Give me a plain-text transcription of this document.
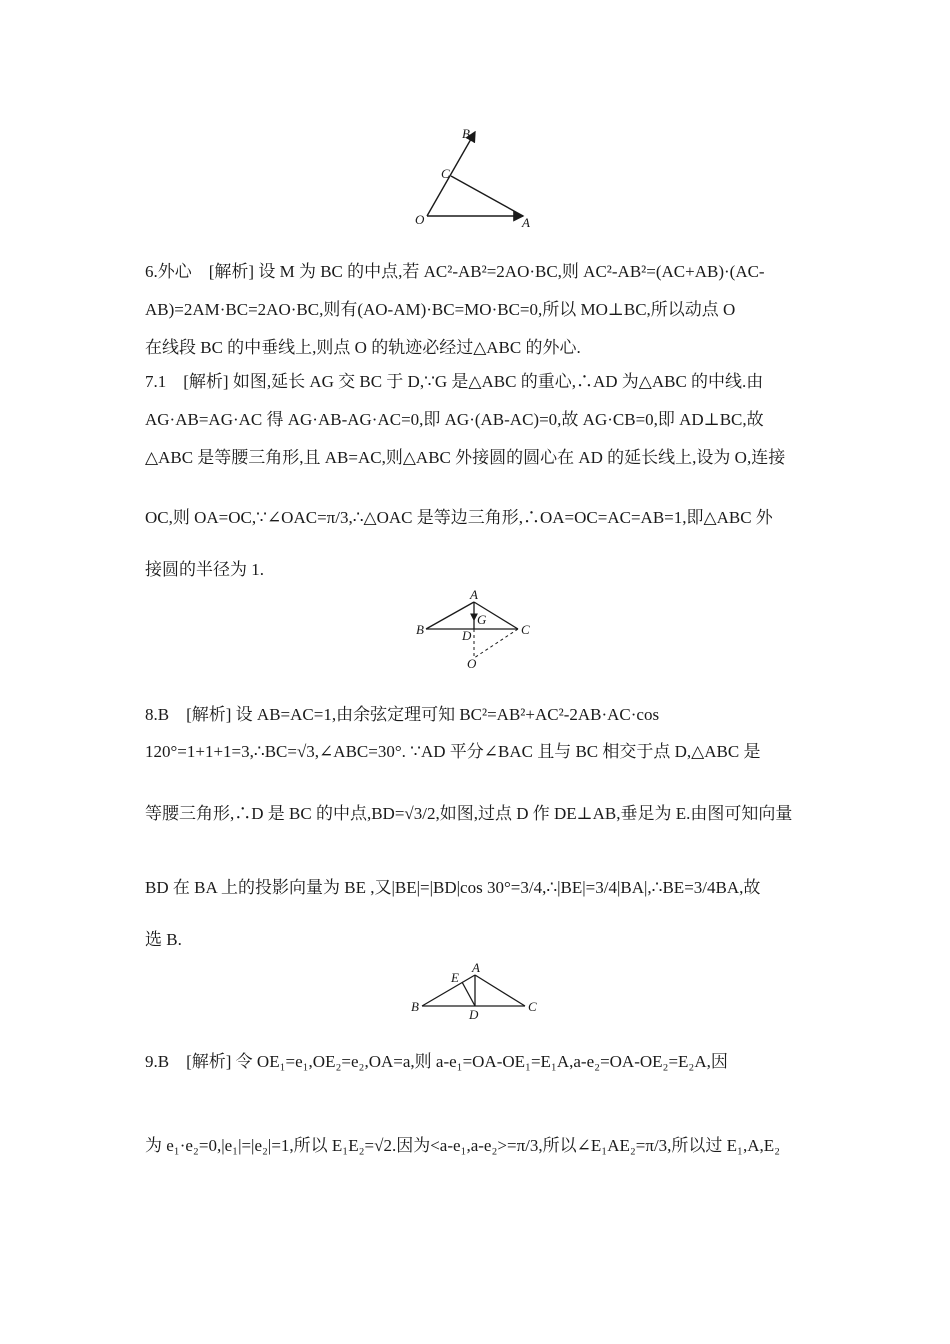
B
C
O	A
6.外心　[解析] 设 M 为 BC 的中点,若 AC²-AB²=2AO·BC,则 AC²-AB²=(AC+AB)·(AC-
AB)=2AM·BC=2AO·BC,则有(AO-AM)·BC=MO·BC=0,所以 MO⊥BC,所以动点 O
在线段 BC 的中垂线上,则点 O 的轨迹必经过△ABC 的外心.
7.1　[解析] 如图,延长 AG 交 BC 于 D,∵G 是△ABC 的重心,∴AD 为△ABC 的中线.由
AG·AB=AG·AC 得 AG·AB-AG·AC=0,即 AG·(AB-AC)=0,故 AG·CB=0,即 AD⊥BC,故
△ABC 是等腰三角形,且 AB=AC,则△ABC 外接圆的圆心在 AD 的延长线上,设为 O,连接
OC,则 OA=OC,∵∠OAC=π/3,∴△OAC 是等边三角形,∴OA=OC=AC=AB=1,即△ABC 外
接圆的半径为 1.
A
G
B	D	C
O
8.B　[解析] 设 AB=AC=1,由余弦定理可知 BC²=AB²+AC²-2AB·AC·cos
120°=1+1+1=3,∴BC=√3,∠ABC=30°. ∵AD 平分∠BAC 且与 BC 相交于点 D,△ABC 是
等腰三角形,∴D 是 BC 的中点,BD=√3/2,如图,过点 D 作 DE⊥AB,垂足为 E.由图可知向量
BD 在 BA 上的投影向量为 BE ,又|BE|=|BD|cos 30°=3/4,∴|BE|=3/4|BA|,∴BE=3/4BA,故
选 B.
E
A
B
D
C
9.B　[解析] 令 OE₁=e₁,OE₂=e₂,OA=a,则 a-e₁=OA-OE₁=E₁A,a-e₂=OA-OE₂=E₂A,因
为 e₁·e₂=0,|e₁|=|e₂|=1,所以 E₁E₂=√2.因为<a-e₁,a-e₂>=π/3,所以∠E₁AE₂=π/3,所以过 E₁,A,E₂
